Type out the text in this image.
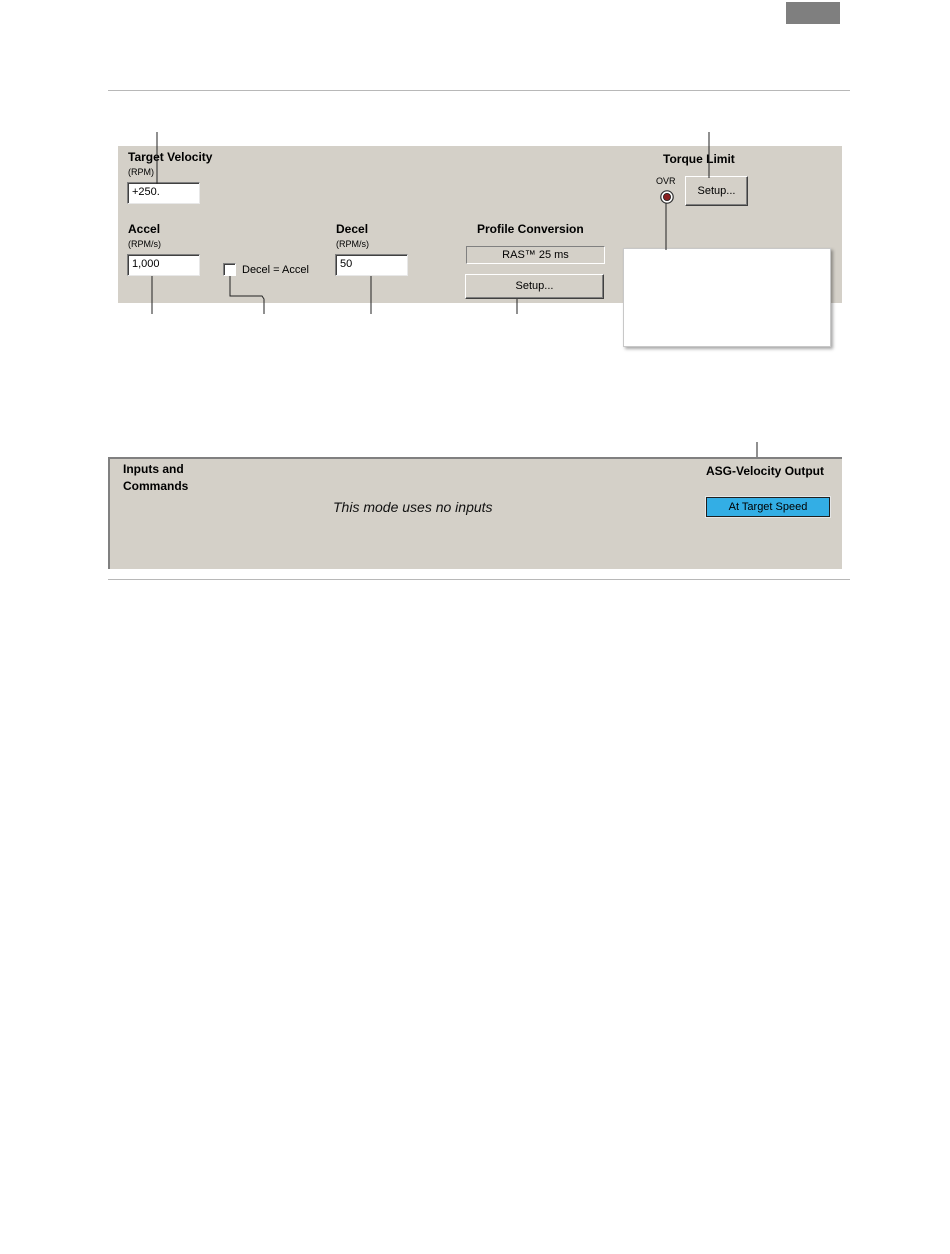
Target Velocity
(RPM)
+250.
Accel
(RPM/s)
1,000	Decel = Accel
Decel
(RPM/s)
50
Profile Conversion
RAS™ 25 ms
Setup...
Torque Limit
OVR
Setup...
Inputs and
Commands
This mode uses no inputs
ASG-Velocity Output
At Target Speed
